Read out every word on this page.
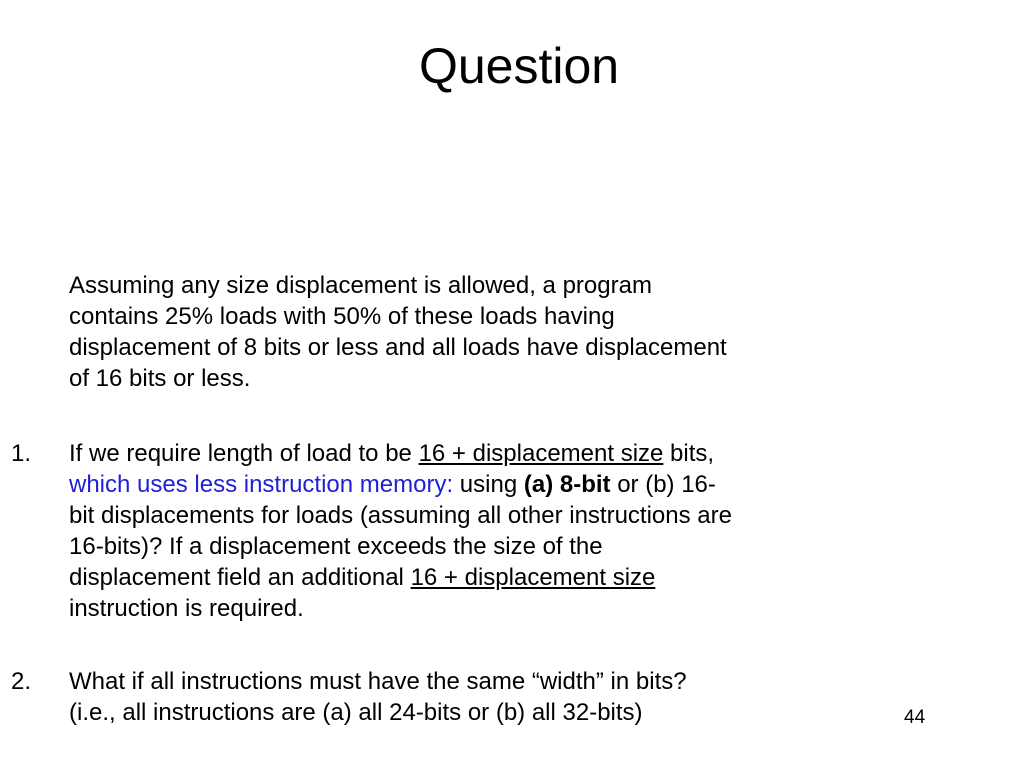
Question
Assuming any size displacement is allowed, a program
contains 25% loads with 50% of these loads having
displacement of 8 bits or less and all loads have displacement
of 16 bits or less.
1. If we require length of load to be 16 + displacement size bits,
which uses less instruction memory: using (a) 8-bit or (b) 16-
bit displacements for loads (assuming all other instructions are
16-bits)? If a displacement exceeds the size of the
displacement field an additional 16 + displacement size
instruction is required.
2. What if all instructions must have the same “width” in bits?
(i.e., all instructions are (a) all 24-bits or (b) all 32-bits)	44
